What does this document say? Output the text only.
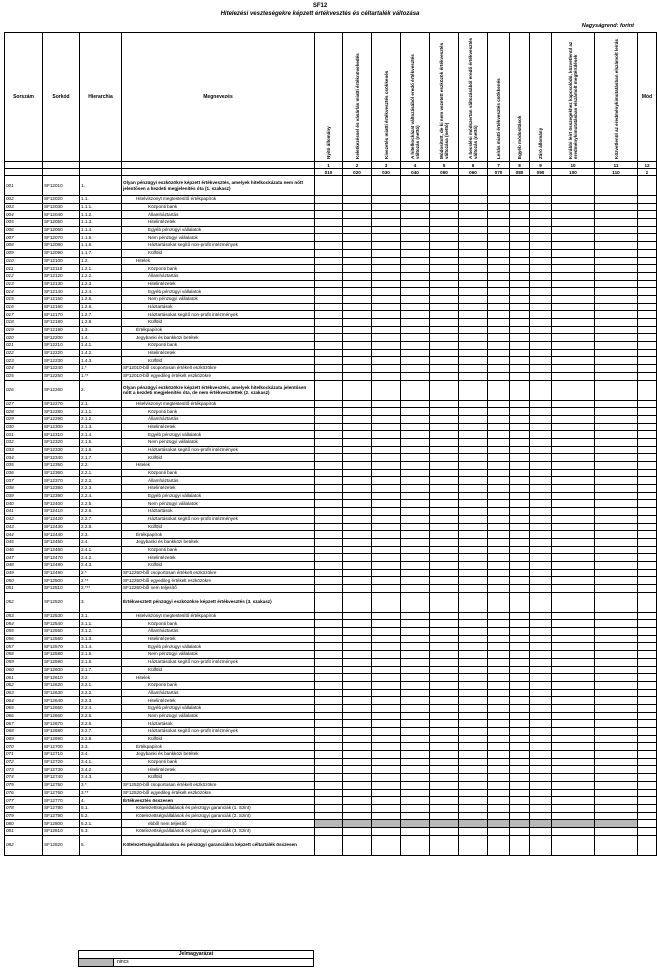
SF12
Hitelezési veszteségekre képzett értékvesztés és céltartalék változása
Nagyságrend: forint
Sorszám	Sorkód	Hierarchia	Megnevezés	Nyitó állomány	Keletkezéssel és vásárlás miatti értéknövekedés	Kivezetés miatti értékvesztés csökkenés	A hitelkockázat változásából eredő értékvesztés változás (nettó)	Módosított, de ki nem vezetett eszközök értékvesztés változása (nettó)	A becslési módszertan változásából eredő értékvesztés változás (nettó)	Leírás miatti értékvesztés csökkenés	Egyéb módosítások	Záró állomány	Korábbi leírt összegekhez kapcsolódó, közvetlenül az eredménykimutatásban elszámolt megtérülések	Közvetlenül az eredménykimutatásban elszámolt leírás	Mód
				1	2	3	4	5	6	7	8	9	10	11	12
				010	020	030	040	050	060	070	080	090	100	110	z
001	SF12010	1.	Olyan pénzügyi eszközökre képzett értékvesztés, amelyek hitelkockázata nem nőtt jelentősen a kezdeti megjelenítés óta (1. szakasz)												
002	SF12020	1.1.	Hitelviszonyt megtestesítő értékpapírok												
003	SF12030	1.1.1.	Központi bank												
004	SF12040	1.1.2.	Államháztartás												
005	SF12050	1.1.3.	Hitelintézetek												
006	SF12060	1.1.4.	Egyéb pénzügyi vállalatok												
007	SF12070	1.1.5.	Nem pénzügyi vállalatok												
008	SF12080	1.1.6.	Háztartásokat segítő non-profit intézmények												
009	SF12090	1.1.7.	Külföld												
010	SF12100	1.2.	Hitelek												
011	SF12110	1.2.1.	Központi bank												
012	SF12120	1.2.2.	Államháztartás												
013	SF12130	1.2.3.	Hitelintézetek												
014	SF12140	1.2.4.	Egyéb pénzügyi vállalatok												
015	SF12150	1.2.5.	Nem pénzügyi vállalatok												
016	SF12160	1.2.6.	Háztartások												
017	SF12170	1.2.7.	Háztartásokat segítő non-profit intézmények												
018	SF12180	1.2.8.	Külföld												
019	SF12190	1.3.	Értékpapírok												
020	SF12200	1.4.	Jegybanki és bankközi betétek												
021	SF12210	1.4.1.	Központi bank												
022	SF12220	1.4.2.	Hitelintézetek												
023	SF12230	1.4.3.	Külföld												
024	SF12240	1.*	SF12010-ből csoportosan értékelt eszközökre												
025	SF12250	1.**	SF12010-ből egyedileg értékelt eszközökre												
026	SF12260	2.	Olyan pénzügyi eszközökre képzett értékvesztés, amelyek hitelkockázata jelentősen nőtt a kezdeti megjelenítés óta, de nem értékvesztettek (2. szakasz)												
027	SF12270	2.1.	Hitelviszonyt megtestesítő értékpapírok												
028	SF12280	2.1.1.	Központi bank												
029	SF12290	2.1.2.	Államháztartás												
030	SF12300	2.1.3.	Hitelintézetek												
031	SF12310	2.1.4.	Egyéb pénzügyi vállalatok												
032	SF12320	2.1.5.	Nem pénzügyi vállalatok												
033	SF12330	2.1.6.	Háztartásokat segítő non-profit intézmények												
034	SF12340	2.1.7.	Külföld												
035	SF12350	2.2.	Hitelek												
036	SF12360	2.2.1.	Központi bank												
037	SF12370	2.2.2.	Államháztartás												
038	SF12380	2.2.3.	Hitelintézetek												
039	SF12390	2.2.4.	Egyéb pénzügyi vállalatok												
040	SF12400	2.2.5.	Nem pénzügyi vállalatok												
041	SF12410	2.2.6.	Háztartások												
042	SF12420	2.2.7.	Háztartásokat segítő non-profit intézmények												
043	SF12430	2.2.8.	Külföld												
044	SF12440	2.3.	Értékpapírok												
045	SF12450	2.4.	Jegybanki és bankközi betétek												
046	SF12460	2.4.1.	Központi bank												
047	SF12470	2.4.2.	Hitelintézetek												
048	SF12480	2.4.3.	Külföld												
049	SF12490	2.*	SF12260-ből csoportosan értékelt eszközökre												
050	SF12500	2.**	SF12260-ből egyedileg értékelt eszközökre												
051	SF12510	2.***	SF12260-ből nem teljesítő												
052	SF12520	3.	Értékvesztett pénzügyi eszközökre képzett értékvesztés (3. szakasz)												
053	SF12530	3.1.	Hitelviszonyt megtestesítő értékpapírok												
054	SF12540	3.1.1.	Központi bank												
055	SF12550	3.1.2.	Államháztartás												
056	SF12560	3.1.3.	Hitelintézetek												
057	SF12570	3.1.4.	Egyéb pénzügyi vállalatok												
058	SF12580	3.1.5.	Nem pénzügyi vállalatok												
059	SF12590	3.1.6.	Háztartásokat segítő non-profit intézmények												
060	SF12600	3.1.7.	Külföld												
061	SF12610	3.2.	Hitelek												
062	SF12620	3.2.1.	Központi bank												
063	SF12630	3.2.2.	Államháztartás												
064	SF12640	3.2.3.	Hitelintézetek												
065	SF12650	3.2.4.	Egyéb pénzügyi vállalatok												
066	SF12660	3.2.5.	Nem pénzügyi vállalatok												
067	SF12670	3.2.6.	Háztartások												
068	SF12680	3.2.7.	Háztartásokat segítő non-profit intézmények												
069	SF12690	3.2.8.	Külföld												
070	SF12700	3.3.	Értékpapírok												
071	SF12710	3.4.	Jegybanki és bankközi betétek												
072	SF12720	3.4.1.	Központi bank												
073	SF12730	3.4.2.	Hitelintézetek												
074	SF12740	3.4.3.	Külföld												
075	SF12750	3.*	SF12520-ből csoportosan értékelt eszközökre												
076	SF12760	3.**	SF12520-ből egyedileg értékelt eszközökre												
077	SF12770	4.	Értékvesztés összesen												
078	SF12780	5.1.	Kötelezettségvállalások és pénzügyi garanciák (1. Szint)												
079	SF12790	5.2.	Kötelezettségvállalások és pénzügyi garanciák (2. Szint)												
080	SF12800	5.2.1.	ebből nem teljesítő												
081	SF12810	5.3.	Kötelezettségvállalások és pénzügyi garanciák (3. Szint)												
082	SF12820	5.	Kötelezettségvállalásokra és pénzügyi garanciákra képzett céltartalék összesen												
Jelmagyarázat
nincs
